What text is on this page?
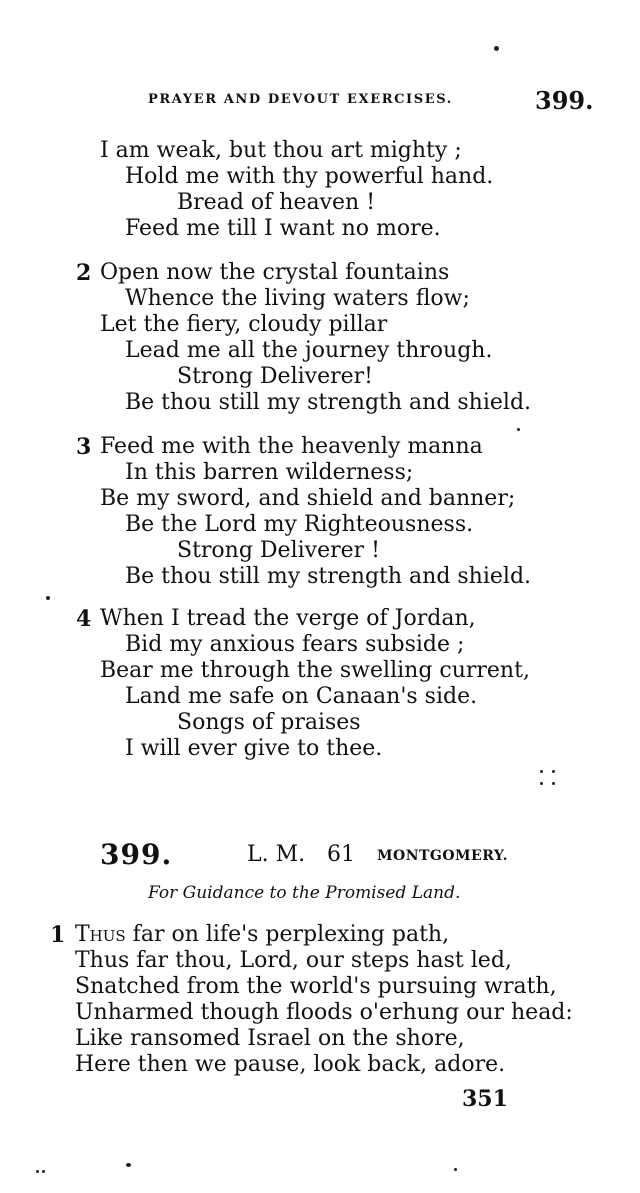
PRAYER AND DEVOUT EXERCISES.	399.
I am weak, but thou art mighty ;
Hold me with thy powerful hand.
Bread of heaven !
Feed me till I want no more.
2 Open now the crystal fountains
Whence the living waters flow;
Let the fiery, cloudy pillar
Lead me all the journey through.
Strong Deliverer!
Be thou still my strength and shield.
3 Feed me with the heavenly manna
In this barren wilderness;
Be my sword, and shield and banner;
Be the Lord my Righteousness.
Strong Deliverer !
Be thou still my strength and shield.
4 When I tread the verge of Jordan,
Bid my anxious fears subside ;
Bear me through the swelling current,
Land me safe on Canaan's side.
Songs of praises
I will ever give to thee.
399.	L. M. 61 MONTGOMERY.
For Guidance to the Promised Land.
1 Thus far on life's perplexing path,
Thus far thou, Lord, our steps hast led,
Snatched from the world's pursuing wrath,
Unharmed though floods o'erhung our head:
Like ransomed Israel on the shore,
Here then we pause, look back, adore.
351
